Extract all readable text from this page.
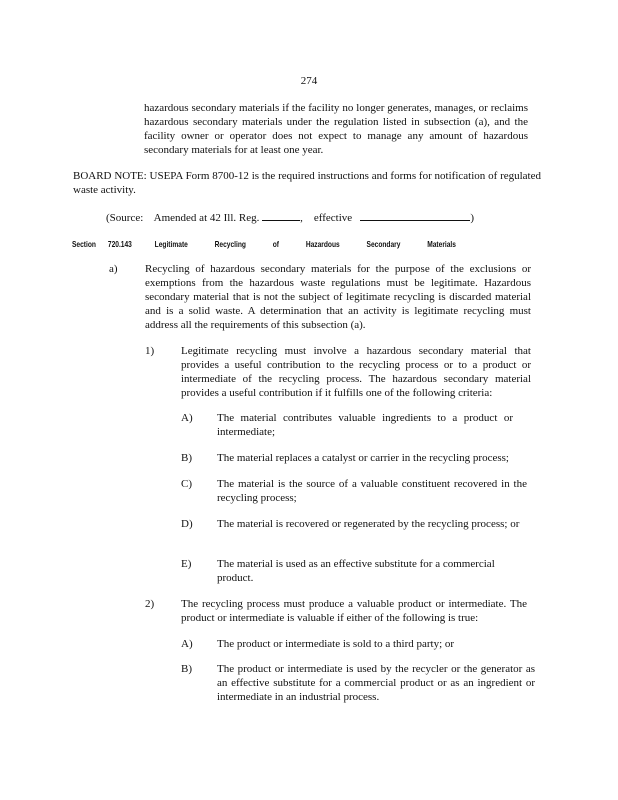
274
hazardous secondary materials if the facility no longer generates, manages, or reclaims hazardous secondary materials under the regulation listed in subsection (a), and the facility owner or operator does not expect to manage any amount of hazardous secondary materials for at least one year.
BOARD NOTE: USEPA Form 8700-12 is the required instructions and forms for notification of regulated waste activity.
(Source: Amended at 42 Ill. Reg.	, effective	)
Section 720.143	Legitimate Recycling of Hazardous Secondary Materials
a) Recycling of hazardous secondary materials for the purpose of the exclusions or exemptions from the hazardous waste regulations must be legitimate. Hazardous secondary material that is not the subject of legitimate recycling is discarded material and is a solid waste. A determination that an activity is legitimate recycling must address all the requirements of this subsection (a).
1) Legitimate recycling must involve a hazardous secondary material that provides a useful contribution to the recycling process or to a product or intermediate of the recycling process. The hazardous secondary material provides a useful contribution if it fulfills one of the following criteria:
A) The material contributes valuable ingredients to a product or intermediate;
B) The material replaces a catalyst or carrier in the recycling process;
C) The material is the source of a valuable constituent recovered in the recycling process;
D) The material is recovered or regenerated by the recycling process; or
E) The material is used as an effective substitute for a commercial product.
2) The recycling process must produce a valuable product or intermediate. The product or intermediate is valuable if either of the following is true:
A) The product or intermediate is sold to a third party; or
B) The product or intermediate is used by the recycler or the generator as an effective substitute for a commercial product or as an ingredient or intermediate in an industrial process.
